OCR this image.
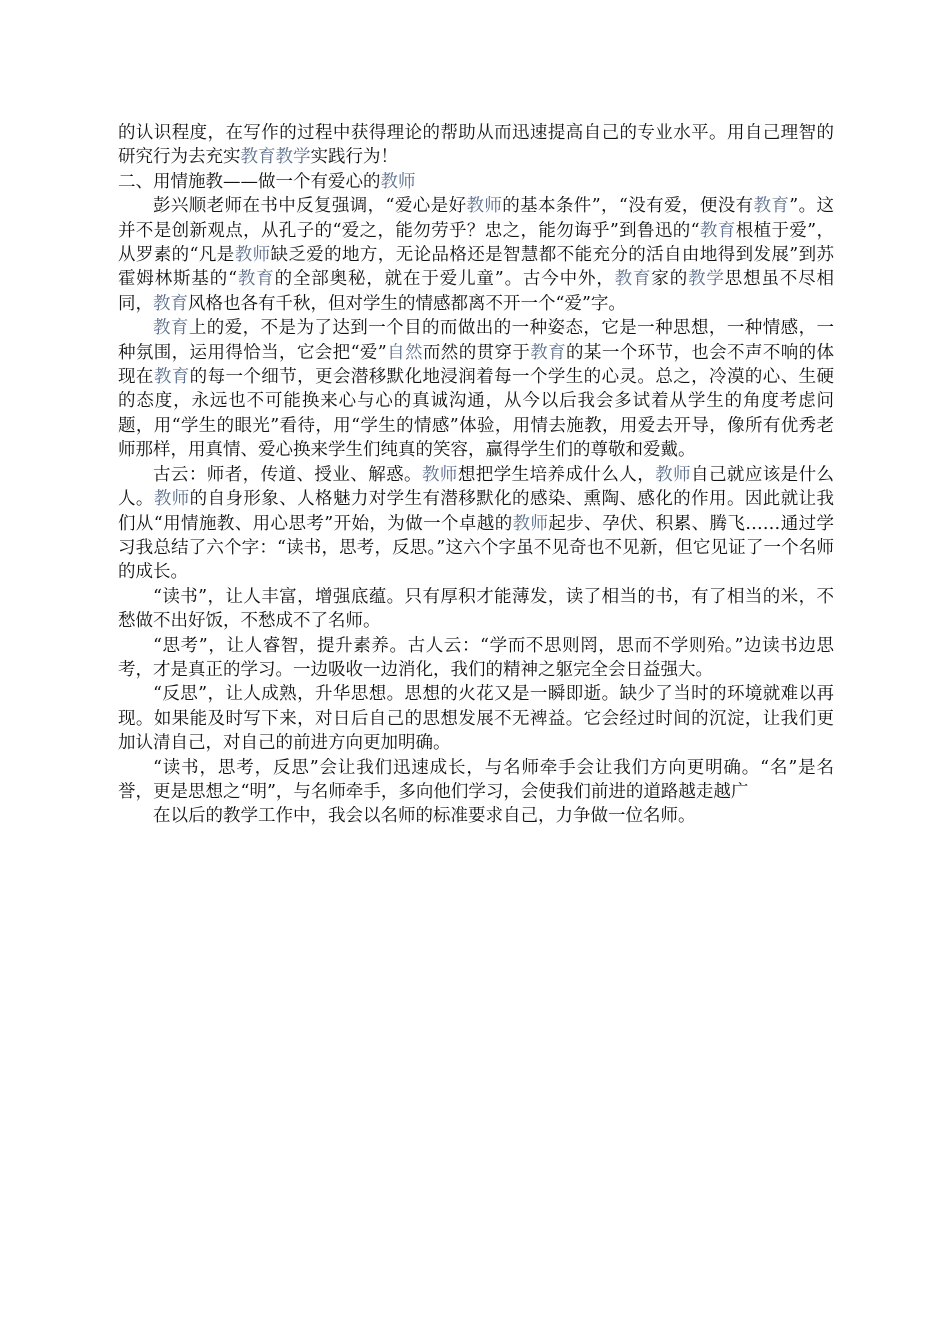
的认识程度，在写作的过程中获得理论的帮助从而迅速提高自己的专业水平。用自己理智的研究行为去充实教育教学实践行为！

二、用情施教——做一个有爱心的教师

彭兴顺老师在书中反复强调，“爱心是好教师的基本条件”，“没有爱，便没有教育”。这并不是创新观点，从孔子的“爱之，能勿劳乎？忠之，能勿诲乎”到鲁迅的“教育根植于爱”，从罗素的“凡是教师缺乏爱的地方，无论品格还是智慧都不能充分的活自由地得到发展”到苏霍姆林斯基的“教育的全部奥秘，就在于爱儿童”。古今中外，教育家的教学思想虽不尽相同，教育风格也各有千秋，但对学生的情感都离不开一个“爱”字。

教育上的爱，不是为了达到一个目的而做出的一种姿态，它是一种思想，一种情感，一种氛围，运用得恰当，它会把“爱”自然而然的贯穿于教育的某一个环节，也会不声不响的体现在教育的每一个细节，更会潜移默化地浸润着每一个学生的心灵。总之，冷漠的心、生硬的态度，永远也不可能换来心与心的真诚沟通，从今以后我会多试着从学生的角度考虑问题，用“学生的眼光”看待，用“学生的情感”体验，用情去施教，用爱去开导，像所有优秀老师那样，用真情、爱心换来学生们纯真的笑容，赢得学生们的尊敬和爱戴。

古云：师者，传道、授业、解惑。教师想把学生培养成什么人，教师自己就应该是什么人。教师的自身形象、人格魅力对学生有潜移默化的感染、熏陶、感化的作用。因此就让我们从“用情施教、用心思考”开始，为做一个卓越的教师起步、孕伏、积累、腾飞……通过学习我总结了六个字：“读书，思考，反思。”这六个字虽不见奇也不见新，但它见证了一个名师的成长。

“读书”，让人丰富，增强底蕴。只有厚积才能薄发，读了相当的书，有了相当的米，不愁做不出好饭，不愁成不了名师。

“思考”，让人睿智，提升素养。古人云：“学而不思则罔，思而不学则殆。”边读书边思考，才是真正的学习。一边吸收一边消化，我们的精神之躯完全会日益强大。

“反思”，让人成熟，升华思想。思想的火花又是一瞬即逝。缺少了当时的环境就难以再现。如果能及时写下来，对日后自己的思想发展不无裨益。它会经过时间的沉淀，让我们更加认清自己，对自己的前进方向更加明确。

“读书，思考，反思”会让我们迅速成长，与名师牵手会让我们方向更明确。“名”是名誉，更是思想之“明”，与名师牵手，多向他们学习，会使我们前进的道路越走越广

在以后的教学工作中，我会以名师的标准要求自己，力争做一位名师。
